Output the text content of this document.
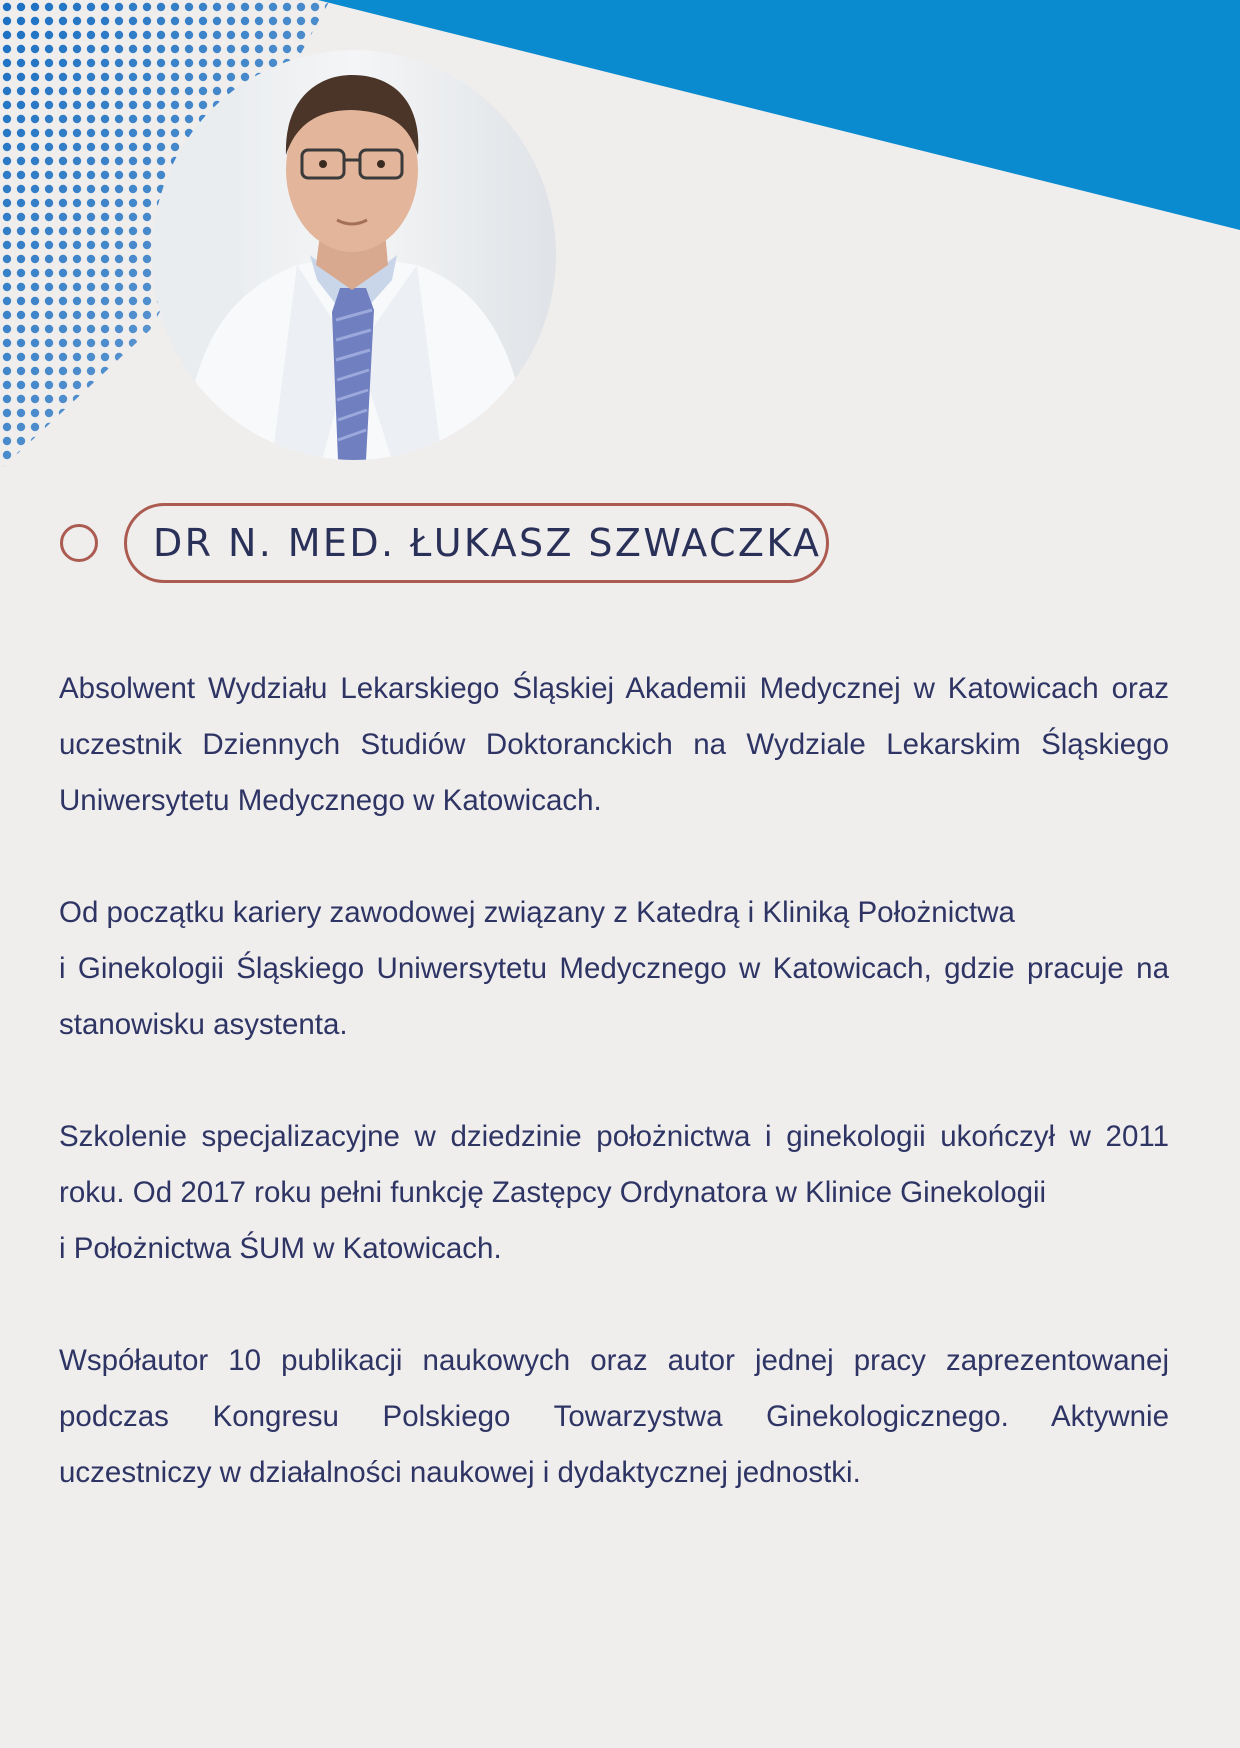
DR N. MED. ŁUKASZ SZWACZKA

Absolwent Wydziału Lekarskiego Śląskiej Akademii Medycznej w Katowicach oraz
uczestnik Dziennych Studiów Doktoranckich na Wydziale Lekarskim Śląskiego
Uniwersytetu Medycznego w Katowicach.

Od początku kariery zawodowej związany z Katedrą i Kliniką Położnictwa
i Ginekologii Śląskiego Uniwersytetu Medycznego w Katowicach, gdzie pracuje na
stanowisku asystenta.

Szkolenie specjalizacyjne w dziedzinie położnictwa i ginekologii ukończył w 2011
roku. Od 2017 roku pełni funkcję Zastępcy Ordynatora w Klinice Ginekologii
i Położnictwa ŚUM w Katowicach.

Współautor 10 publikacji naukowych oraz autor jednej pracy zaprezentowanej
podczas Kongresu Polskiego Towarzystwa Ginekologicznego. Aktywnie
uczestniczy w działalności naukowej i dydaktycznej jednostki.
